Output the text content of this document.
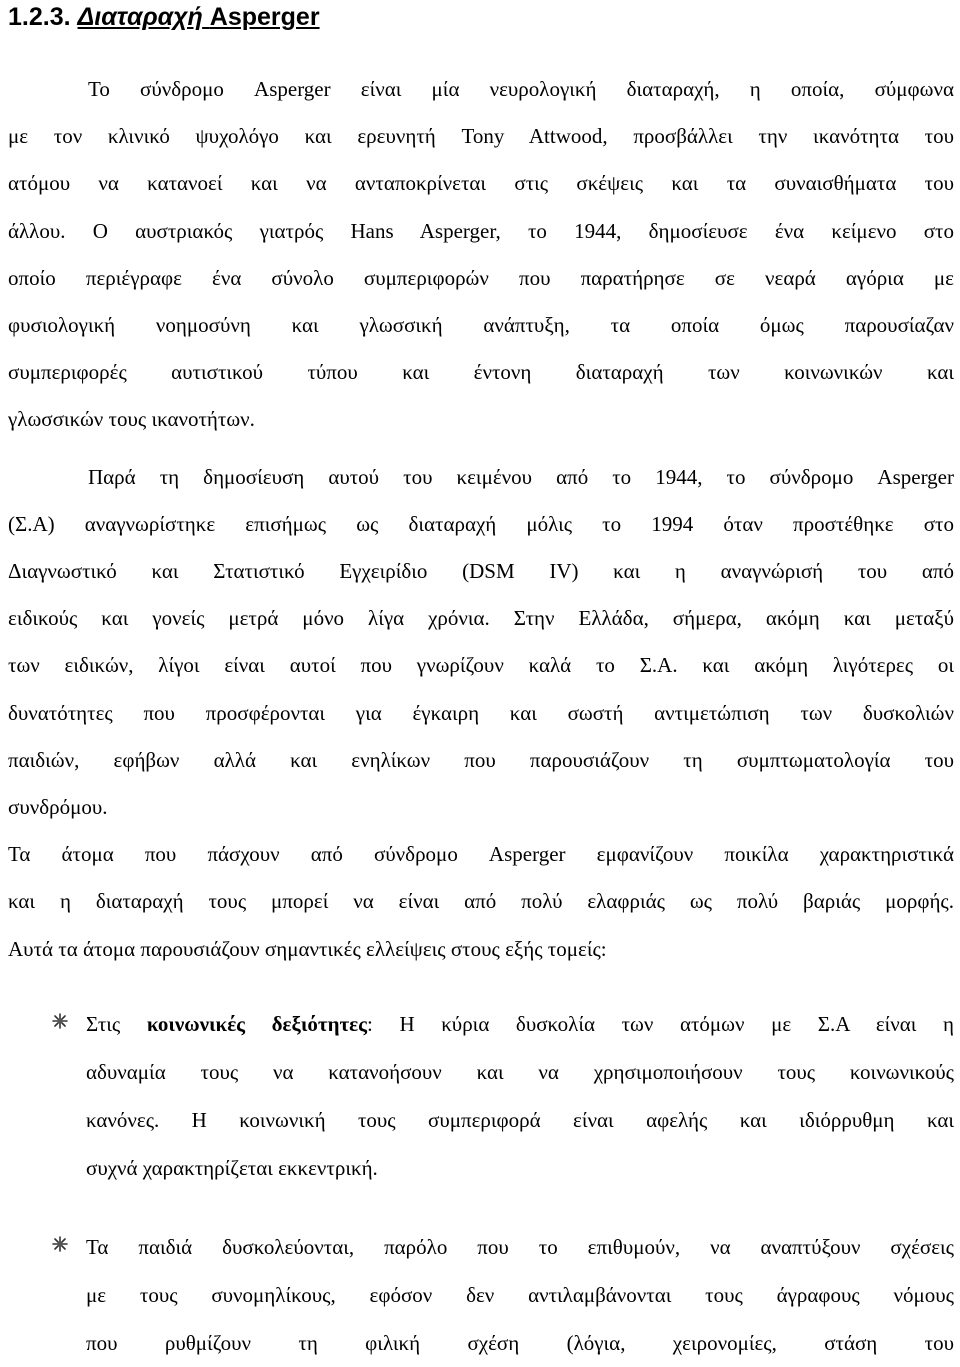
1.2.3. Διαταραχή Asperger

Το σύνδρομο Asperger είναι μία νευρολογική διαταραχή, η οποία, σύμφωνα
με τον κλινικό ψυχολόγο και ερευνητή Tony Attwood, προσβάλλει την ικανότητα του
ατόμου να κατανοεί και να ανταποκρίνεται στις σκέψεις και τα συναισθήματα του
άλλου. Ο αυστριακός γιατρός Hans Asperger, το 1944, δημοσίευσε ένα κείμενο στο
οποίο περιέγραφε ένα σύνολο συμπεριφορών που παρατήρησε σε νεαρά αγόρια με
φυσιολογική νοημοσύνη και γλωσσική ανάπτυξη, τα οποία όμως παρουσίαζαν
συμπεριφορές αυτιστικού τύπου και έντονη διαταραχή των κοινωνικών και
γλωσσικών τους ικανοτήτων.

Παρά τη δημοσίευση αυτού του κειμένου από το 1944, το σύνδρομο Asperger
(Σ.Α) αναγνωρίστηκε επισήμως ως διαταραχή μόλις το 1994 όταν προστέθηκε στο
Διαγνωστικό και Στατιστικό Εγχειρίδιο (DSM IV) και η αναγνώρισή του από
ειδικούς και γονείς μετρά μόνο λίγα χρόνια. Στην Ελλάδα, σήμερα, ακόμη και μεταξύ
των ειδικών, λίγοι είναι αυτοί που γνωρίζουν καλά το Σ.Α. και ακόμη λιγότερες οι
δυνατότητες που προσφέρονται για έγκαιρη και σωστή αντιμετώπιση των δυσκολιών
παιδιών, εφήβων αλλά και ενηλίκων που παρουσιάζουν τη συμπτωματολογία του
συνδρόμου.

Τα άτομα που πάσχουν από σύνδρομο Asperger εμφανίζουν ποικίλα χαρακτηριστικά
και η διαταραχή τους μπορεί να είναι από πολύ ελαφριάς ως πολύ βαριάς μορφής.
Αυτά τα άτομα παρουσιάζουν σημαντικές ελλείψεις στους εξής τομείς:

Στις κοινωνικές δεξιότητες: Η κύρια δυσκολία των ατόμων με Σ.Α είναι η
αδυναμία τους να κατανοήσουν και να χρησιμοποιήσουν τους κοινωνικούς
κανόνες. Η κοινωνική τους συμπεριφορά είναι αφελής και ιδιόρρυθμη και
συχνά χαρακτηρίζεται εκκεντρική.

Τα παιδιά δυσκολεύονται, παρόλο που το επιθυμούν, να αναπτύξουν σχέσεις
με τους συνομηλίκους, εφόσον δεν αντιλαμβάνονται τους άγραφους νόμους
που ρυθμίζουν τη φιλική σχέση (λόγια, χειρονομίες, στάση του
